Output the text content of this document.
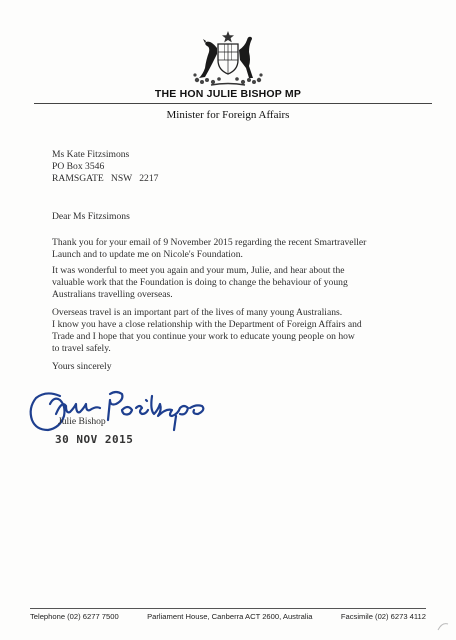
THE HON JULIE BISHOP MP
Minister for Foreign Affairs
Ms Kate Fitzsimons
PO Box 3546
RAMSGATE   NSW   2217
Dear Ms Fitzsimons
Thank you for your email of 9 November 2015 regarding the recent Smartraveller
Launch and to update me on Nicole's Foundation.
It was wonderful to meet you again and your mum, Julie, and hear about the
valuable work that the Foundation is doing to change the behaviour of young
Australians travelling overseas.
Overseas travel is an important part of the lives of many young Australians.
I know you have a close relationship with the Department of Foreign Affairs and
Trade and I hope that you continue your work to educate young people on how
to travel safely.
Yours sincerely
Julie Bishop
30 NOV 2015
Telephone (02) 6277 7500	Parliament House, Canberra ACT 2600, Australia	Facsimile (02) 6273 4112
